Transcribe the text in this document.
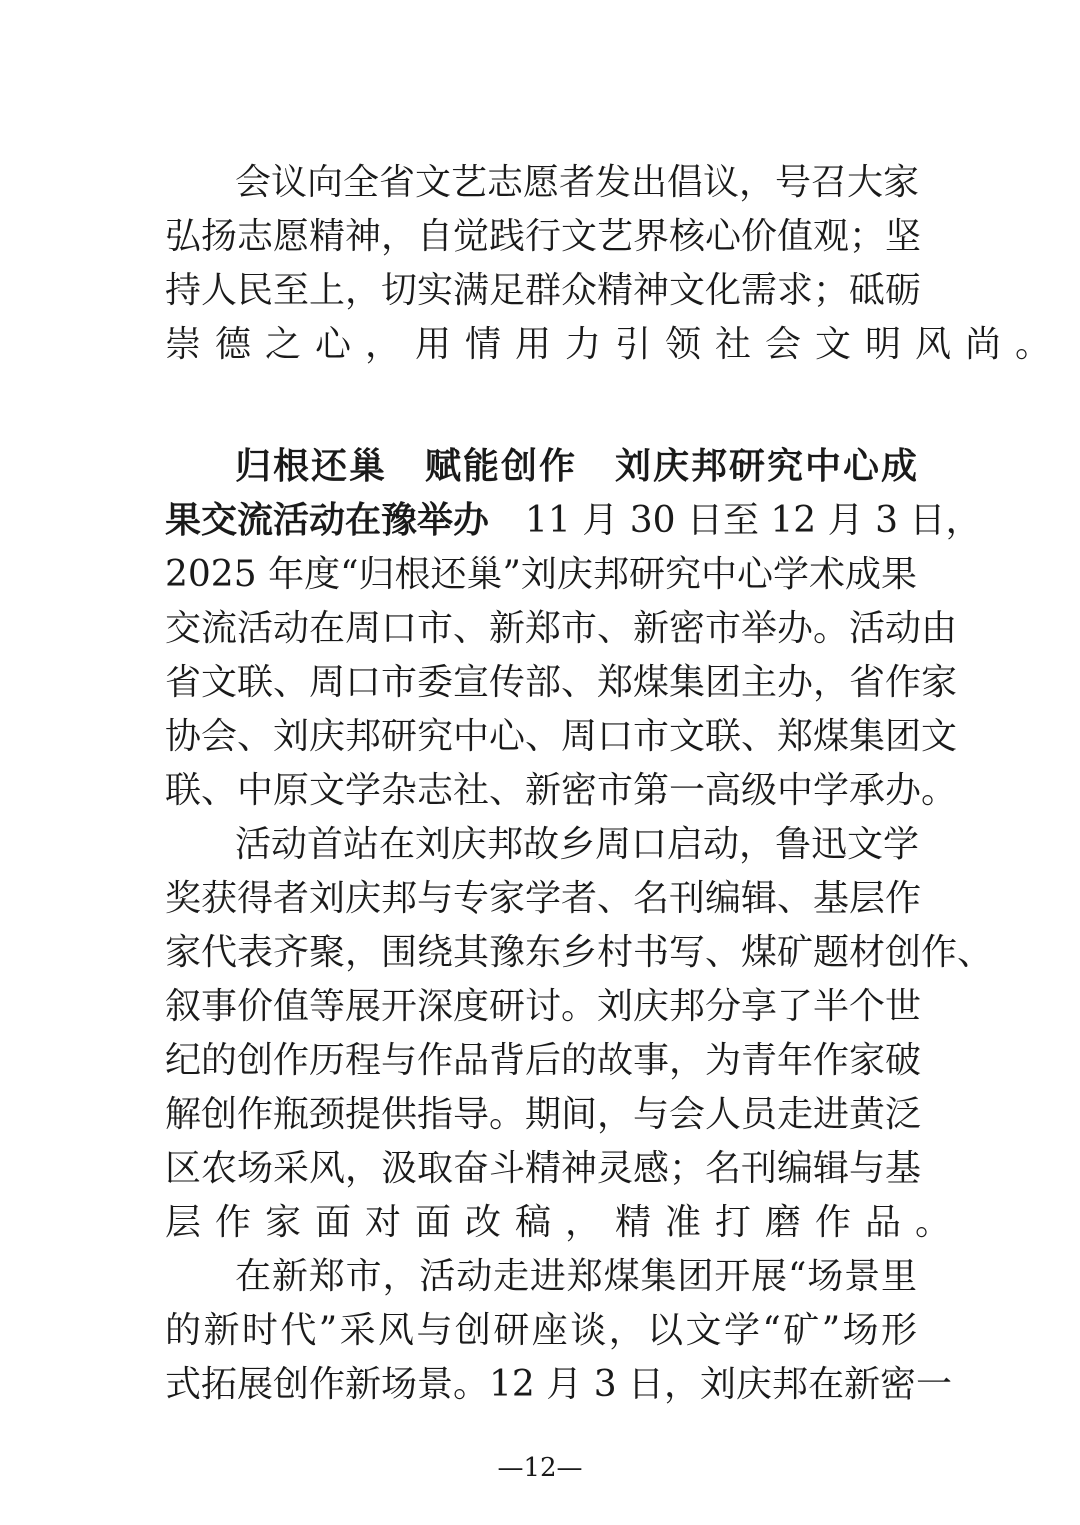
会议向全省文艺志愿者发出倡议，号召大家
弘扬志愿精神，自觉践行文艺界核心价值观；坚
持人民至上，切实满足群众精神文化需求；砥砺
崇德之心，用情用力引领社会文明风尚。
归根还巢　赋能创作　刘庆邦研究中心成
果交流活动在豫举办　11 月 30 日至 12 月 3 日，
2025 年度“归根还巢”刘庆邦研究中心学术成果
交流活动在周口市、新郑市、新密市举办。活动由
省文联、周口市委宣传部、郑煤集团主办，省作家
协会、刘庆邦研究中心、周口市文联、郑煤集团文
联、中原文学杂志社、新密市第一高级中学承办。
活动首站在刘庆邦故乡周口启动，鲁迅文学
奖获得者刘庆邦与专家学者、名刊编辑、基层作
家代表齐聚，围绕其豫东乡村书写、煤矿题材创作、
叙事价值等展开深度研讨。刘庆邦分享了半个世
纪的创作历程与作品背后的故事，为青年作家破
解创作瓶颈提供指导。期间，与会人员走进黄泛
区农场采风，汲取奋斗精神灵感；名刊编辑与基
层作家面对面改稿，精准打磨作品。
在新郑市，活动走进郑煤集团开展“场景里
的新时代”采风与创研座谈，以文学“矿”场形
式拓展创作新场景。12 月 3 日，刘庆邦在新密一
—12—
